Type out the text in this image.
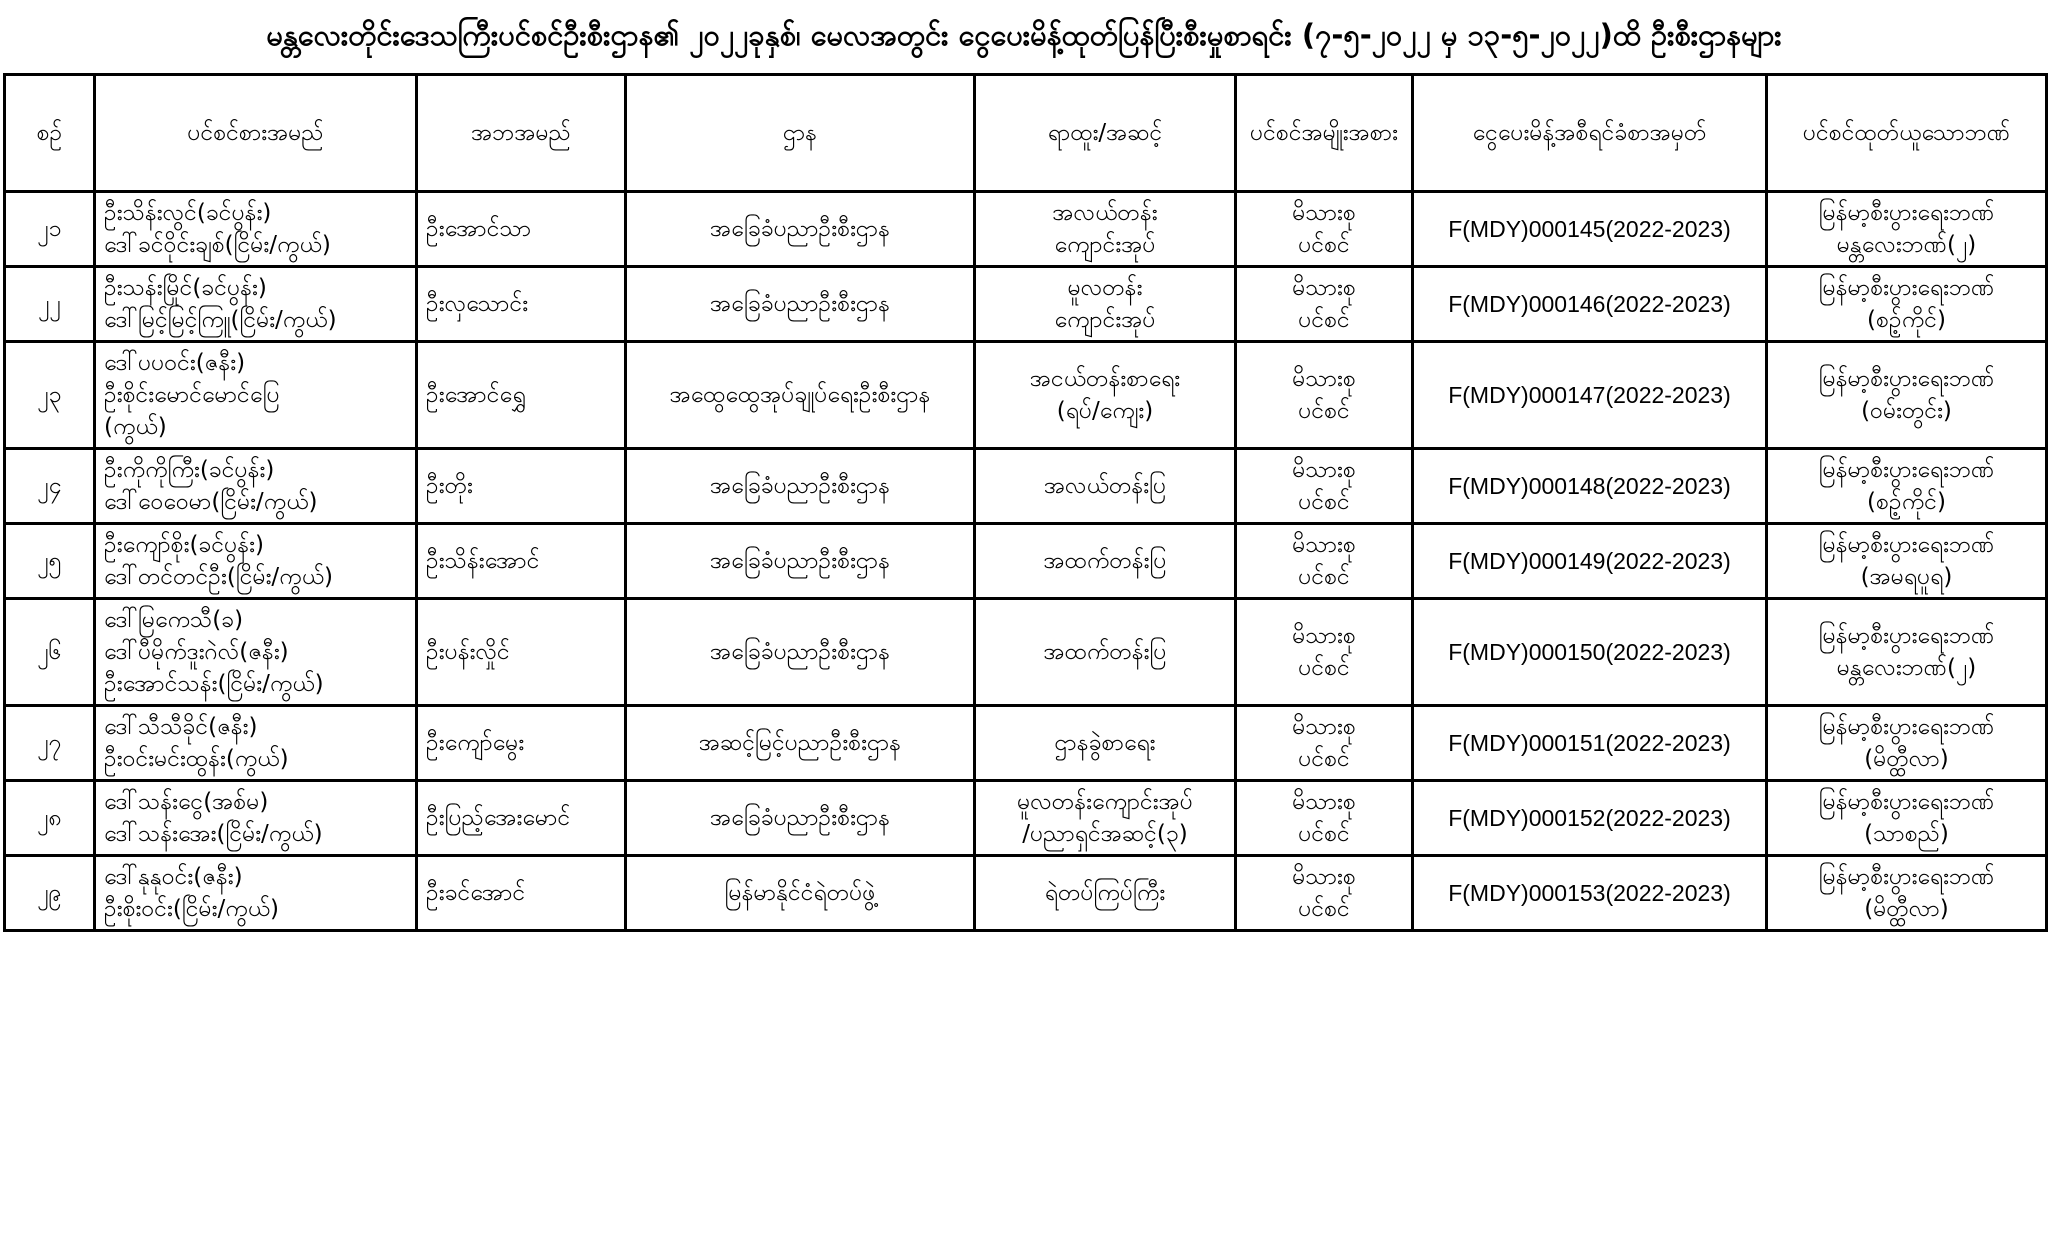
မန္တလေးတိုင်းဒေသကြီးပင်စင်ဦးစီးဌာန၏ ၂၀၂၂ခုနှစ်၊ မေလအတွင်း ငွေပေးမိန့်ထုတ်ပြန်ပြီးစီးမှုစာရင်း (၇-၅-၂၀၂၂ မှ ၁၃-၅-၂၀၂၂)ထိ ဦးစီးဌာနများ
စဉ်	ပင်စင်စားအမည်	အဘအမည်	ဌာန	ရာထူး/အဆင့်	ပင်စင်အမျိုးအစား	ငွေပေးမိန့်အစီရင်ခံစာအမှတ်	ပင်စင်ထုတ်ယူသောဘဏ်
၂၁	ဦးသိန်းလွင်(ခင်ပွန်း)
ဒေါ်ခင်ဝိုင်းချစ်(ငြိမ်း/ကွယ်)	ဦးအောင်သာ	အခြေခံပညာဦးစီးဌာန	အလယ်တန်း
ကျောင်းအုပ်	မိသားစု
ပင်စင်	F(MDY)000145(2022-2023)	မြန်မာ့စီးပွားရေးဘဏ်
မန္တလေးဘဏ်(၂)

၂၂	ဦးသန်းမြိုင်(ခင်ပွန်း)
ဒေါ်မြင့်မြင့်ကြူ(ငြိမ်း/ကွယ်)	ဦးလှသောင်း	အခြေခံပညာဦးစီးဌာန	မူလတန်း
ကျောင်းအုပ်	မိသားစု
ပင်စင်	F(MDY)000146(2022-2023)	မြန်မာ့စီးပွားရေးဘဏ်
(စဉ့်ကိုင်)

၂၃	ဒေါ်ပပဝင်း(ဇနီး)
ဦးစိုင်းမောင်မောင်ပြေ
(ကွယ်)	ဦးအောင်ရွှေ	အထွေထွေအုပ်ချုပ်ရေးဦးစီးဌာန	အငယ်တန်းစာရေး
(ရပ်/ကျေး)	မိသားစု
ပင်စင်	F(MDY)000147(2022-2023)	မြန်မာ့စီးပွားရေးဘဏ်
(ဝမ်းတွင်း)

၂၄	ဦးကိုကိုကြီး(ခင်ပွန်း)
ဒေါ်ဝေဝေမာ(ငြိမ်း/ကွယ်)	ဦးတိုး	အခြေခံပညာဦးစီးဌာန	အလယ်တန်းပြ	မိသားစု
ပင်စင်	F(MDY)000148(2022-2023)	မြန်မာ့စီးပွားရေးဘဏ်
(စဉ့်ကိုင်)

၂၅	ဦးကျော်စိုး(ခင်ပွန်း)
ဒေါ်တင်တင်ဦး(ငြိမ်း/ကွယ်)	ဦးသိန်းအောင်	အခြေခံပညာဦးစီးဌာန	အထက်တန်းပြ	မိသားစု
ပင်စင်	F(MDY)000149(2022-2023)	မြန်မာ့စီးပွားရေးဘဏ်
(အမရပူရ)

၂၆	ဒေါ်မြကေသီ(ခ)
ဒေါ်ပီမိုက်ဒူးဂဲလ်(ဇနီး)
ဦးအောင်သန်း(ငြိမ်း/ကွယ်)	ဦးပန်းလှိုင်	အခြေခံပညာဦးစီးဌာန	အထက်တန်းပြ	မိသားစု
ပင်စင်	F(MDY)000150(2022-2023)	မြန်မာ့စီးပွားရေးဘဏ်
မန္တလေးဘဏ်(၂)

၂၇	ဒေါ်သီသီခိုင်(ဇနီး)
ဦးဝင်းမင်းထွန်း(ကွယ်)	ဦးကျော်မွေး	အဆင့်မြင့်ပညာဦးစီးဌာန	ဌာနခွဲစာရေး	မိသားစု
ပင်စင်	F(MDY)000151(2022-2023)	မြန်မာ့စီးပွားရေးဘဏ်
(မိတ္ထီလာ)

၂၈	ဒေါ်သန်းငွေ(အစ်မ)
ဒေါ်သန်းအေး(ငြိမ်း/ကွယ်)	ဦးပြည့်အေးမောင်	အခြေခံပညာဦးစီးဌာန	မူလတန်းကျောင်းအုပ်
/ပညာရှင်အဆင့်(၃)	မိသားစု
ပင်စင်	F(MDY)000152(2022-2023)	မြန်မာ့စီးပွားရေးဘဏ်
(သာစည်)

၂၉	ဒေါ်နုနုဝင်း(ဇနီး)
ဦးစိုးဝင်း(ငြိမ်း/ကွယ်)	ဦးခင်အောင်	မြန်မာနိုင်ငံရဲတပ်ဖွဲ့	ရဲတပ်ကြပ်ကြီး	မိသားစု
ပင်စင်	F(MDY)000153(2022-2023)	မြန်မာ့စီးပွားရေးဘဏ်
(မိတ္ထီလာ)
